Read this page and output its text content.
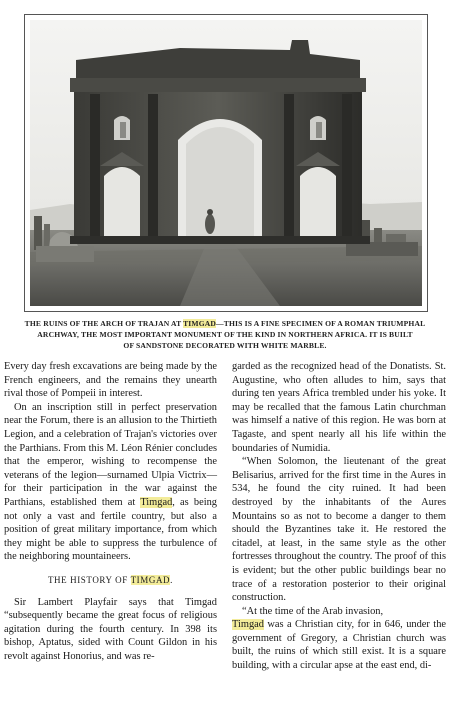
THE RUINS OF THE ARCH OF TRAJAN AT TIMGAD—THIS IS A FINE SPECIMEN OF A ROMAN TRIUMPHAL
ARCHWAY, THE MOST IMPORTANT MONUMENT OF THE KIND IN NORTHERN AFRICA. IT IS BUILT
OF SANDSTONE DECORATED WITH WHITE MARBLE.

Every day fresh excavations are being made by the French engineers, and the remains they unearth rival those of Pompeii in interest.

On an inscription still in perfect preservation near the Forum, there is an allusion to the Thirtieth Legion, and a celebration of Trajan's victories over the Parthians. From this M. Léon Rénier concludes that the emperor, wishing to recompense the veterans of the legion—surnamed Ulpia Victrix—for their participation in the war against the Parthians, established them at Timgad, as being not only a vast and fertile country, but also a position of great military importance, from which they might be able to suppress the turbulence of the neighboring mountaineers.

THE HISTORY OF TIMGAD.

Sir Lambert Playfair says that Timgad “subsequently became the great focus of religious agitation during the fourth century. In 398 its bishop, Aptatus, sided with Count Gildon in his revolt against Honorius, and was re-

garded as the recognized head of the Donatists. St. Augustine, who often alludes to him, says that during ten years Africa trembled under his yoke. It may be recalled that the famous Latin churchman was himself a native of this region. He was born at Tagaste, and spent nearly all his life within the boundaries of Numidia.

“When Solomon, the lieutenant of the great Belisarius, arrived for the first time in the Aures in 534, he found the city ruined. It had been destroyed by the inhabitants of the Aures Mountains so as not to become a danger to them should the Byzantines take it. He restored the citadel, at least, in the same style as the other fortresses throughout the country. The proof of this is evident; but the other public buildings bear no trace of a restoration posterior to their original construction.

“At the time of the Arab invasion,
Timgad was a Christian city, for in 646, under the government of Gregory, a Christian church was built, the ruins of which still exist. It is a square building, with a circular apse at the east end, di-
